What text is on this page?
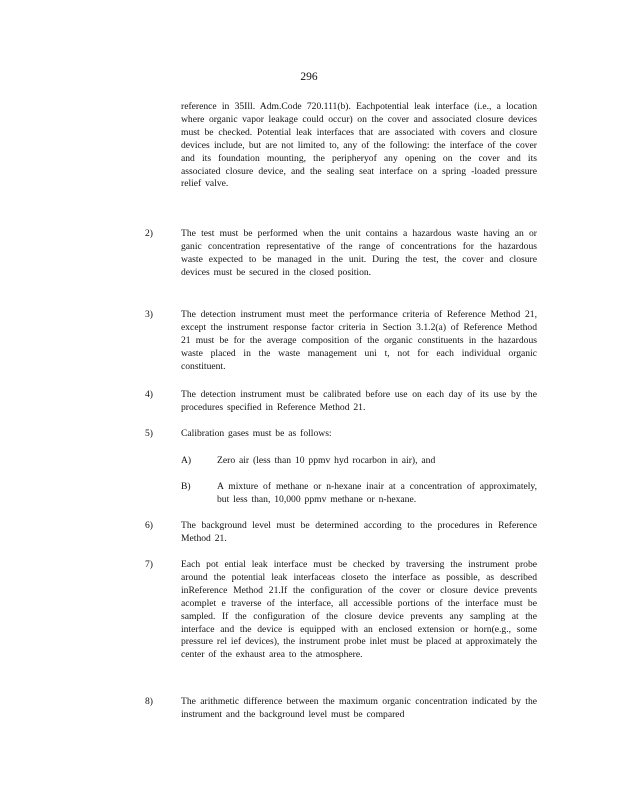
296
reference in 35Ill. Adm.Code 720.111(b). Eachpotential leak interface (i.e., a location where organic vapor leakage could occur) on the cover and associated closure devices must be checked. Potential leak interfaces that are associated with covers and closure devices include, but are not limited to, any of the following: the interface of the cover and its foundation mounting, the peripheryof any opening on the cover and its associated closure device, and the sealing seat interface on a spring -loaded pressure relief valve.
2)	The test must be performed when the unit contains a hazardous waste having an or ganic concentration representative of the range of concentrations for the hazardous waste expected to be managed in the unit. During the test, the cover and closure devices must be secured in the closed position.
3)	The detection instrument must meet the performance criteria of Reference Method 21, except the instrument response factor criteria in Section 3.1.2(a) of Reference Method 21 must be for the average composition of the organic constituents in the hazardous waste placed in the waste management uni t, not for each individual organic constituent.
4)	The detection instrument must be calibrated before use on each day of its use by the procedures specified in Reference Method 21.
5)	Calibration gases must be as follows:
A)	Zero air (less than 10 ppmv hyd rocarbon in air), and
B)	A mixture of methane or n-hexane inair at a concentration of approximately, but less than, 10,000 ppmv methane or n-hexane.
6)	The background level must be determined according to the procedures in Reference Method 21.
7)	Each pot ential leak interface must be checked by traversing the instrument probe around the potential leak interfaceas closeto the interface as possible, as described inReference Method 21.If the configuration of the cover or closure device prevents acomplet e traverse of the interface, all accessible portions of the interface must be sampled. If the configuration of the closure device prevents any sampling at the interface and the device is equipped with an enclosed extension or horn(e.g., some pressure rel ief devices), the instrument probe inlet must be placed at approximately the center of the exhaust area to the atmosphere.
8)	The arithmetic difference between the maximum organic concentration indicated by the instrument and the background level must be compared
